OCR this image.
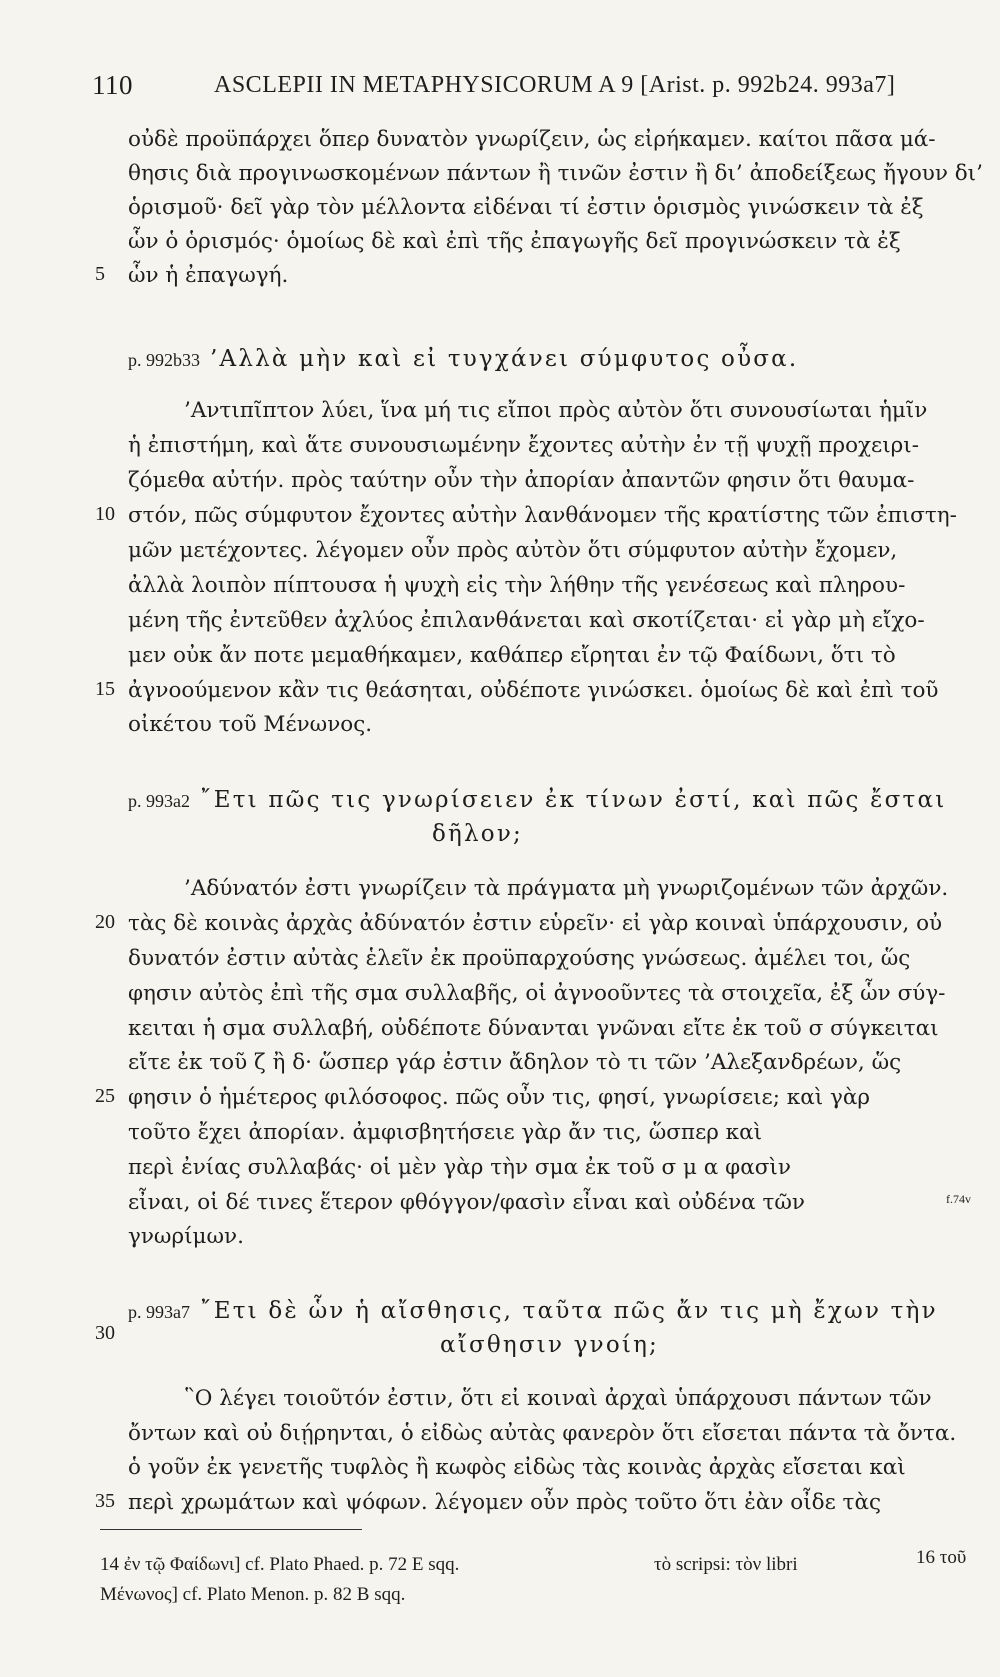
110	ASCLEPII IN METAPHYSICORUM A 9 [Arist. p. 992b24. 993a7]
οὐδὲ προϋπάρχει ὅπερ δυνατὸν γνωρίζειν, ὡς εἰρήκαμεν. καίτοι πᾶσα μά-
θησις διὰ προγινωσκομένων πάντων ἢ τινῶν ἐστιν ἢ δι’ ἀποδείξεως ἤγουν δι’
ὁρισμοῦ· δεῖ γὰρ τὸν μέλλοντα εἰδέναι τί ἐστιν ὁρισμὸς γινώσκειν τὰ ἐξ
ὧν ὁ ὁρισμός· ὁμοίως δὲ καὶ ἐπὶ τῆς ἐπαγωγῆς δεῖ προγινώσκειν τὰ ἐξ
5 ὧν ἡ ἐπαγωγή.
p. 992b33 ’Αλλὰ μὴν καὶ εἰ τυγχάνει σύμφυτος οὖσα.
’Αντιπῖπτον λύει, ἵνα μή τις εἴποι πρὸς αὐτὸν ὅτι συνουσίωται ἡμῖν
ἡ ἐπιστήμη, καὶ ἅτε συνουσιωμένην ἔχοντες αὐτὴν ἐν τῇ ψυχῇ προχειρι-
ζόμεθα αὐτήν. πρὸς ταύτην οὖν τὴν ἀπορίαν ἀπαντῶν φησιν ὅτι θαυμα-
10 στόν, πῶς σύμφυτον ἔχοντες αὐτὴν λανθάνομεν τῆς κρατίστης τῶν ἐπιστη-
μῶν μετέχοντες. λέγομεν οὖν πρὸς αὐτὸν ὅτι σύμφυτον αὐτὴν ἔχομεν,
ἀλλὰ λοιπὸν πίπτουσα ἡ ψυχὴ εἰς τὴν λήθην τῆς γενέσεως καὶ πληρου-
μένη τῆς ἐντεῦθεν ἀχλύος ἐπιλανθάνεται καὶ σκοτίζεται· εἰ γὰρ μὴ εἴχο-
μεν οὐκ ἄν ποτε μεμαθήκαμεν, καθάπερ εἴρηται ἐν τῷ Φαίδωνι, ὅτι τὸ
15 ἀγνοούμενον κἂν τις θεάσηται, οὐδέποτε γινώσκει. ὁμοίως δὲ καὶ ἐπὶ τοῦ
οἰκέτου τοῦ Μένωνος.
p. 993a2 ῎Ετι πῶς τις γνωρίσειεν ἐκ τίνων ἐστί, καὶ πῶς ἔσται
δῆλον;
’Αδύνατόν ἐστι γνωρίζειν τὰ πράγματα μὴ γνωριζομένων τῶν ἀρχῶν.
20 τὰς δὲ κοινὰς ἀρχὰς ἀδύνατόν ἐστιν εὑρεῖν· εἰ γὰρ κοιναὶ ὑπάρχουσιν, οὐ
δυνατόν ἐστιν αὐτὰς ἑλεῖν ἐκ προϋπαρχούσης γνώσεως. ἀμέλει τοι, ὥς
φησιν αὐτὸς ἐπὶ τῆς σμα συλλαβῆς, οἱ ἀγνοοῦντες τὰ στοιχεῖα, ἐξ ὧν σύγ-
κειται ἡ σμα συλλαβή, οὐδέποτε δύνανται γνῶναι εἴτε ἐκ τοῦ σ σύγκειται
εἴτε ἐκ τοῦ ζ ἢ δ· ὥσπερ γάρ ἐστιν ἄδηλον τὸ τι τῶν ’Αλεξανδρέων, ὥς
25 φησιν ὁ ἡμέτερος φιλόσοφος. πῶς οὖν τις, φησί, γνωρίσειε; καὶ γὰρ
τοῦτο ἔχει ἀπορίαν. ἀμφισβητήσειε γὰρ ἄν τις, ὥσπερ καὶ
περὶ ἐνίας συλλαβάς· οἱ μὲν γὰρ τὴν σμα ἐκ τοῦ σ μ α φασὶν
εἶναι, οἱ δέ τινες ἕτερον φθόγγον/φασὶν εἶναι καὶ οὐδένα τῶν	f.74v
γνωρίμων.
p. 993a7 ῎Ετι δὲ ὧν ἡ αἴσθησις, ταῦτα πῶς ἄν τις μὴ ἔχων τὴν
30	αἴσθησιν γνοίη;
῝Ο λέγει τοιοῦτόν ἐστιν, ὅτι εἰ κοιναὶ ἀρχαὶ ὑπάρχουσι πάντων τῶν
ὄντων καὶ οὐ διῄρηνται, ὁ εἰδὼς αὐτὰς φανερὸν ὅτι εἴσεται πάντα τὰ ὄντα.
ὁ γοῦν ἐκ γενετῆς τυφλὸς ἢ κωφὸς εἰδὼς τὰς κοινὰς ἀρχὰς εἴσεται καὶ
35 περὶ χρωμάτων καὶ ψόφων. λέγομεν οὖν πρὸς τοῦτο ὅτι ἐὰν οἶδε τὰς
14 ἐν τῷ Φαίδωνι] cf. Plato Phaed. p. 72 E sqq.	τὸ scripsi: τὸν libri	16 τοῦ
Μένωνος] cf. Plato Menon. p. 82 B sqq.
